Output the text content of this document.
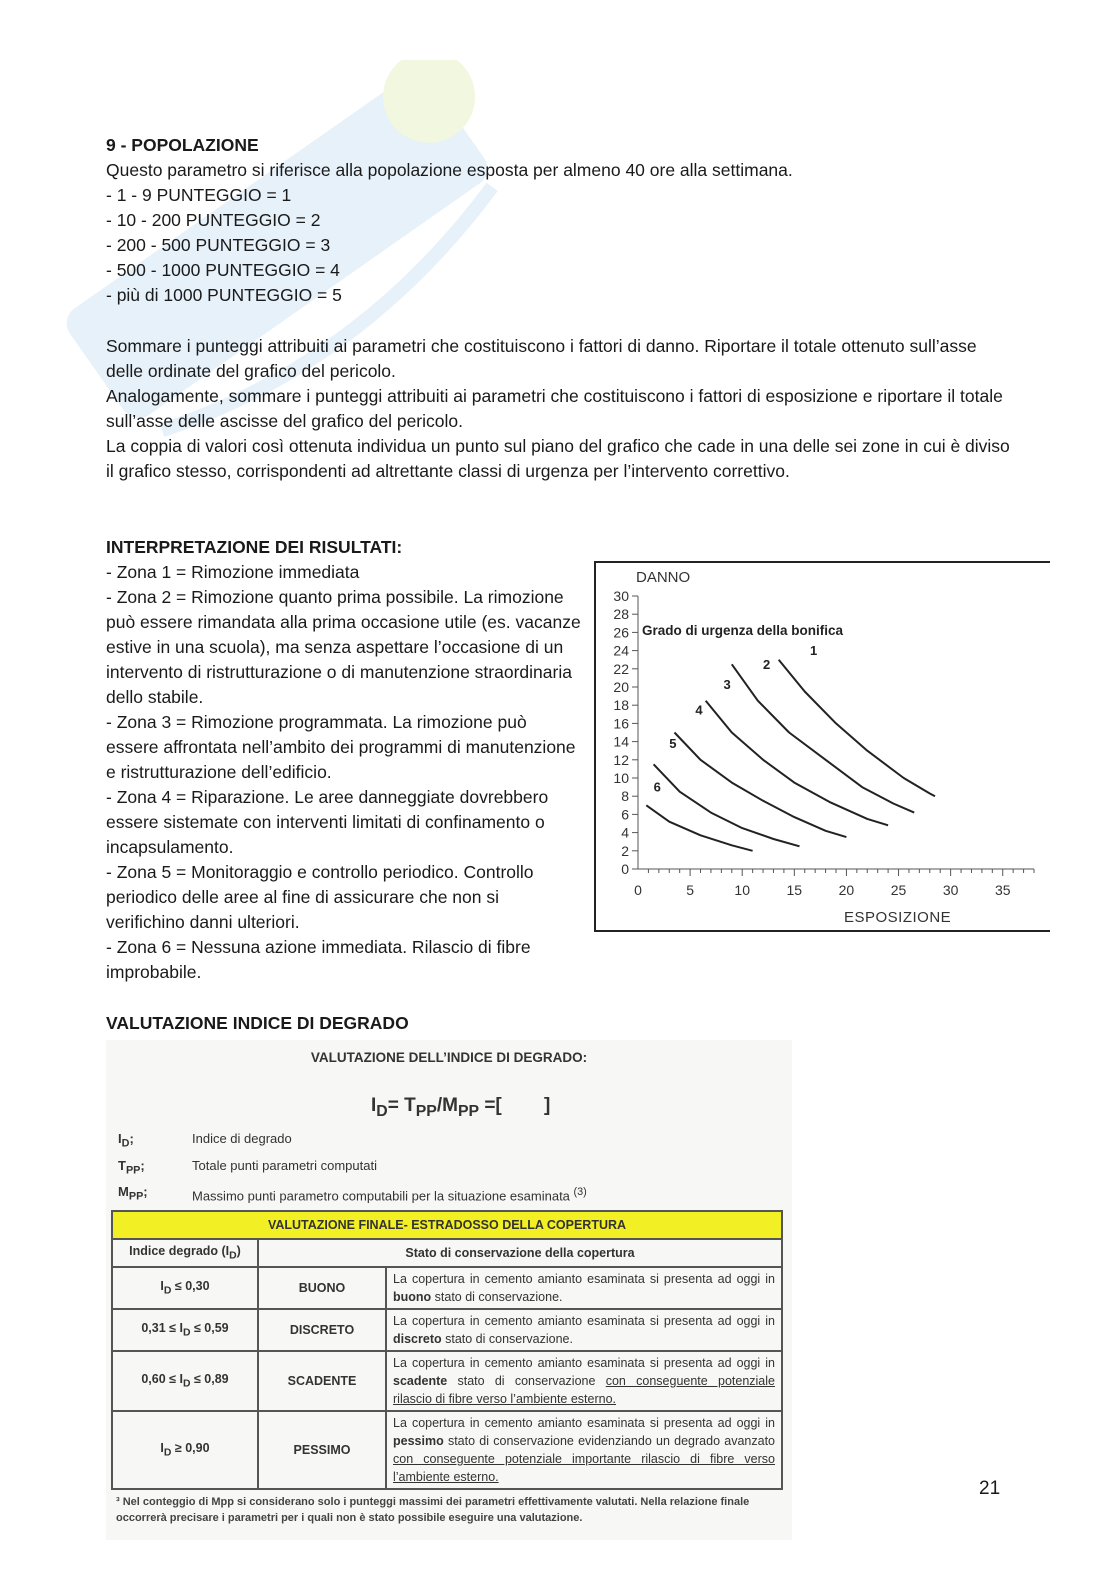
9 - POPOLAZIONE
Questo parametro si riferisce alla popolazione esposta per almeno 40 ore alla settimana.
- 1 - 9 PUNTEGGIO = 1
- 10 - 200 PUNTEGGIO = 2
- 200 - 500 PUNTEGGIO = 3
- 500 - 1000 PUNTEGGIO = 4
- più di 1000 PUNTEGGIO = 5
Sommare i punteggi attribuiti ai parametri che costituiscono i fattori di danno. Riportare il totale ottenuto sull’asse delle ordinate del grafico del pericolo.
Analogamente, sommare i punteggi attribuiti ai parametri che costituiscono i fattori di esposizione e riportare il totale sull’asse delle ascisse del grafico del pericolo.
La coppia di valori così ottenuta individua un punto sul piano del grafico che cade in una delle sei zone in cui è diviso il grafico stesso, corrispondenti ad altrettante classi di urgenza per l’intervento correttivo.
INTERPRETAZIONE DEI RISULTATI:
- Zona 1 = Rimozione immediata
- Zona 2 = Rimozione quanto prima possibile. La rimozione può essere rimandata alla prima occasione utile (es. vacanze estive in una scuola), ma senza aspettare l’occasione di un intervento di ristrutturazione o di manutenzione straordinaria dello stabile.
- Zona 3 = Rimozione programmata. La rimozione può essere affrontata nell’ambito dei programmi di manutenzione e ristrutturazione dell’edificio.
- Zona 4 = Riparazione. Le aree danneggiate dovrebbero essere sistemate con interventi limitati di confinamento o incapsulamento.
- Zona 5 = Monitoraggio e controllo periodico. Controllo periodico delle aree al fine di assicurare che non si verifichino danni ulteriori.
- Zona 6 = Nessuna azione immediata. Rilascio di fibre improbabile.
0
2
4
6
8
10
12
14
16
18
20
22
24
26
28
30
0	5	10	15	20	25	30	35
DANNO
ESPOSIZIONE
Grado di urgenza della bonifica
1
2
3
4
5
6
VALUTAZIONE INDICE DI DEGRADO
VALUTAZIONE DELL’INDICE DI DEGRADO:
$I_D= T_{PP}/M_{PP}$ =[        ]
$I_D$;	Indice di degrado
$T_{PP}$;	Totale punti parametri computati
$M_{PP}$;	Massimo punti parametro computabili per la situazione esaminata $^{(3)}$
VALUTAZIONE FINALE- ESTRADOSSO DELLA COPERTURA		
Indice degrado $(I_D)$	Stato di conservazione della copertura	
$I_D \le 0,30$	BUONO	La copertura in cemento amianto esaminata si presenta ad oggi in buono stato di conservazione.
$0,31 \le I_D \le 0,59$	DISCRETO	La copertura in cemento amianto esaminata si presenta ad oggi in discreto stato di conservazione.
$0,60 \le I_D \le 0,89$	SCADENTE	La copertura in cemento amianto esaminata si presenta ad oggi in scadente stato di conservazione con conseguente potenziale rilascio di fibre verso l’ambiente esterno.
$I_D \ge 0,90$	PESSIMO	La copertura in cemento amianto esaminata si presenta ad oggi in pessimo stato di conservazione evidenziando un degrado avanzato con conseguente potenziale importante rilascio di fibre verso l’ambiente esterno.
³ Nel conteggio di Mpp si considerano solo i punteggi massimi dei parametri effettivamente valutati. Nella relazione finale occorrerà precisare i parametri per i quali non è stato possibile eseguire una valutazione.
21
